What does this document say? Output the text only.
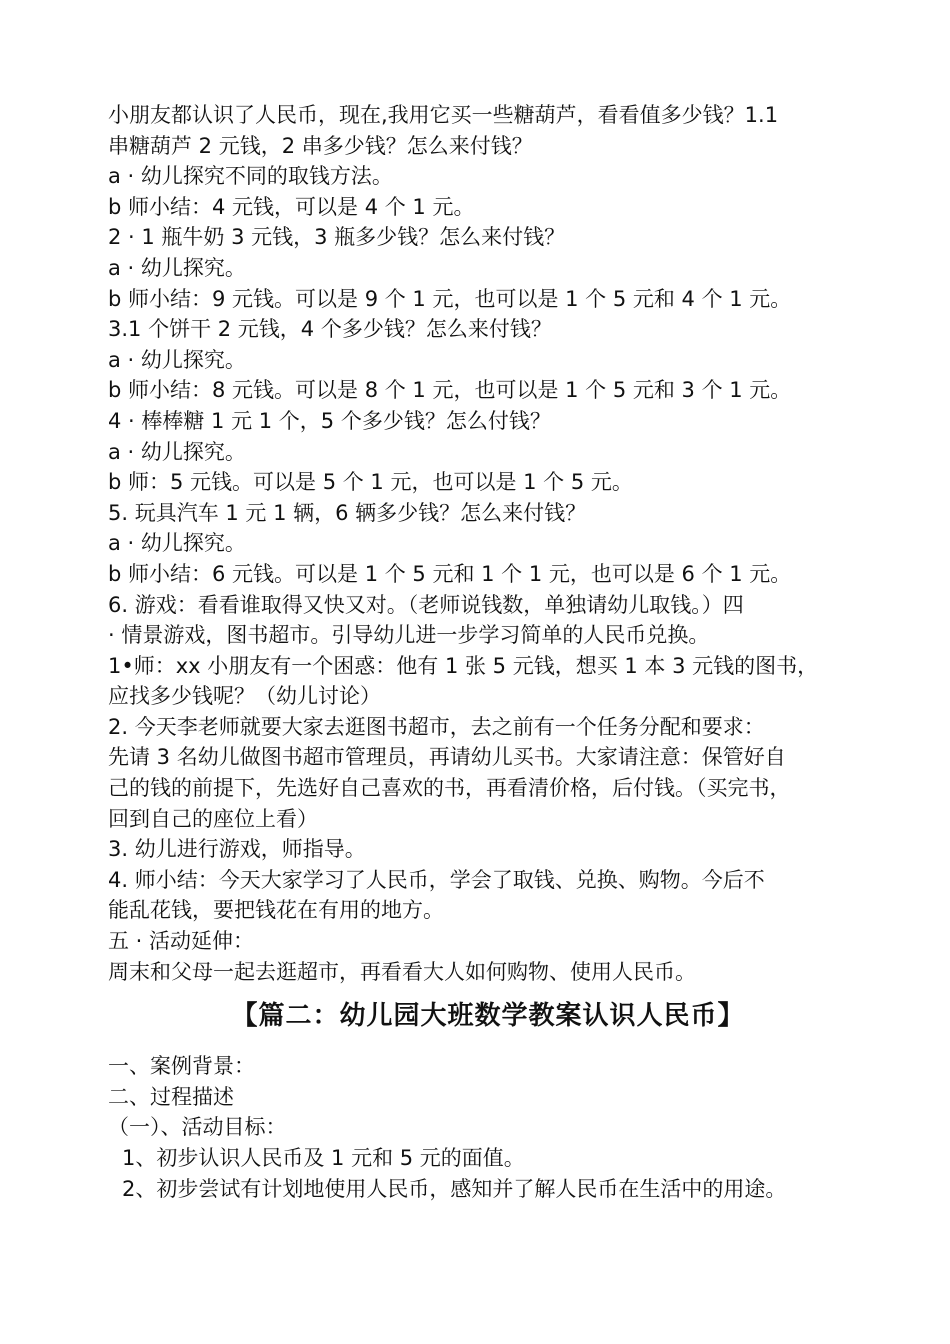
小朋友都认识了人民币，现在,我用它买一些糖葫芦，看看值多少钱？1.1
串糖葫芦 2 元钱，2 串多少钱？怎么来付钱？
a · 幼儿探究不同的取钱方法。
b 师小结：4 元钱，可以是 4 个 1 元。
2 · 1 瓶牛奶 3 元钱，3 瓶多少钱？怎么来付钱？
a · 幼儿探究。
b 师小结：9 元钱。可以是 9 个 1 元，也可以是 1 个 5 元和 4 个 1 元。
3.1 个饼干 2 元钱，4 个多少钱？怎么来付钱？
a · 幼儿探究。
b 师小结：8 元钱。可以是 8 个 1 元，也可以是 1 个 5 元和 3 个 1 元。
4 · 棒棒糖 1 元 1 个，5 个多少钱？怎么付钱？
a · 幼儿探究。
b 师：5 元钱。可以是 5 个 1 元，也可以是 1 个 5 元。
5. 玩具汽车 1 元 1 辆，6 辆多少钱？怎么来付钱？
a · 幼儿探究。
b 师小结：6 元钱。可以是 1 个 5 元和 1 个 1 元，也可以是 6 个 1 元。
6. 游戏：看看谁取得又快又对。（老师说钱数，单独请幼儿取钱。）四
· 情景游戏，图书超市。引导幼儿进一步学习简单的人民币兑换。
1•师：xx 小朋友有一个困惑：他有 1 张 5 元钱，想买 1 本 3 元钱的图书，
应找多少钱呢？（幼儿讨论）
2. 今天李老师就要大家去逛图书超市，去之前有一个任务分配和要求：
先请 3 名幼儿做图书超市管理员，再请幼儿买书。大家请注意：保管好自
己的钱的前提下，先选好自己喜欢的书，再看清价格，后付钱。（买完书，
回到自己的座位上看）
3. 幼儿进行游戏，师指导。
4. 师小结：今天大家学习了人民币，学会了取钱、兑换、购物。今后不
能乱花钱，要把钱花在有用的地方。
五 · 活动延伸：
周末和父母一起去逛超市，再看看大人如何购物、使用人民币。
【篇二：幼儿园大班数学教案认识人民币】
一、案例背景：
二、过程描述
（一）、活动目标：
1、初步认识人民币及 1 元和 5 元的面值。
2、初步尝试有计划地使用人民币，感知并了解人民币在生活中的用途。
